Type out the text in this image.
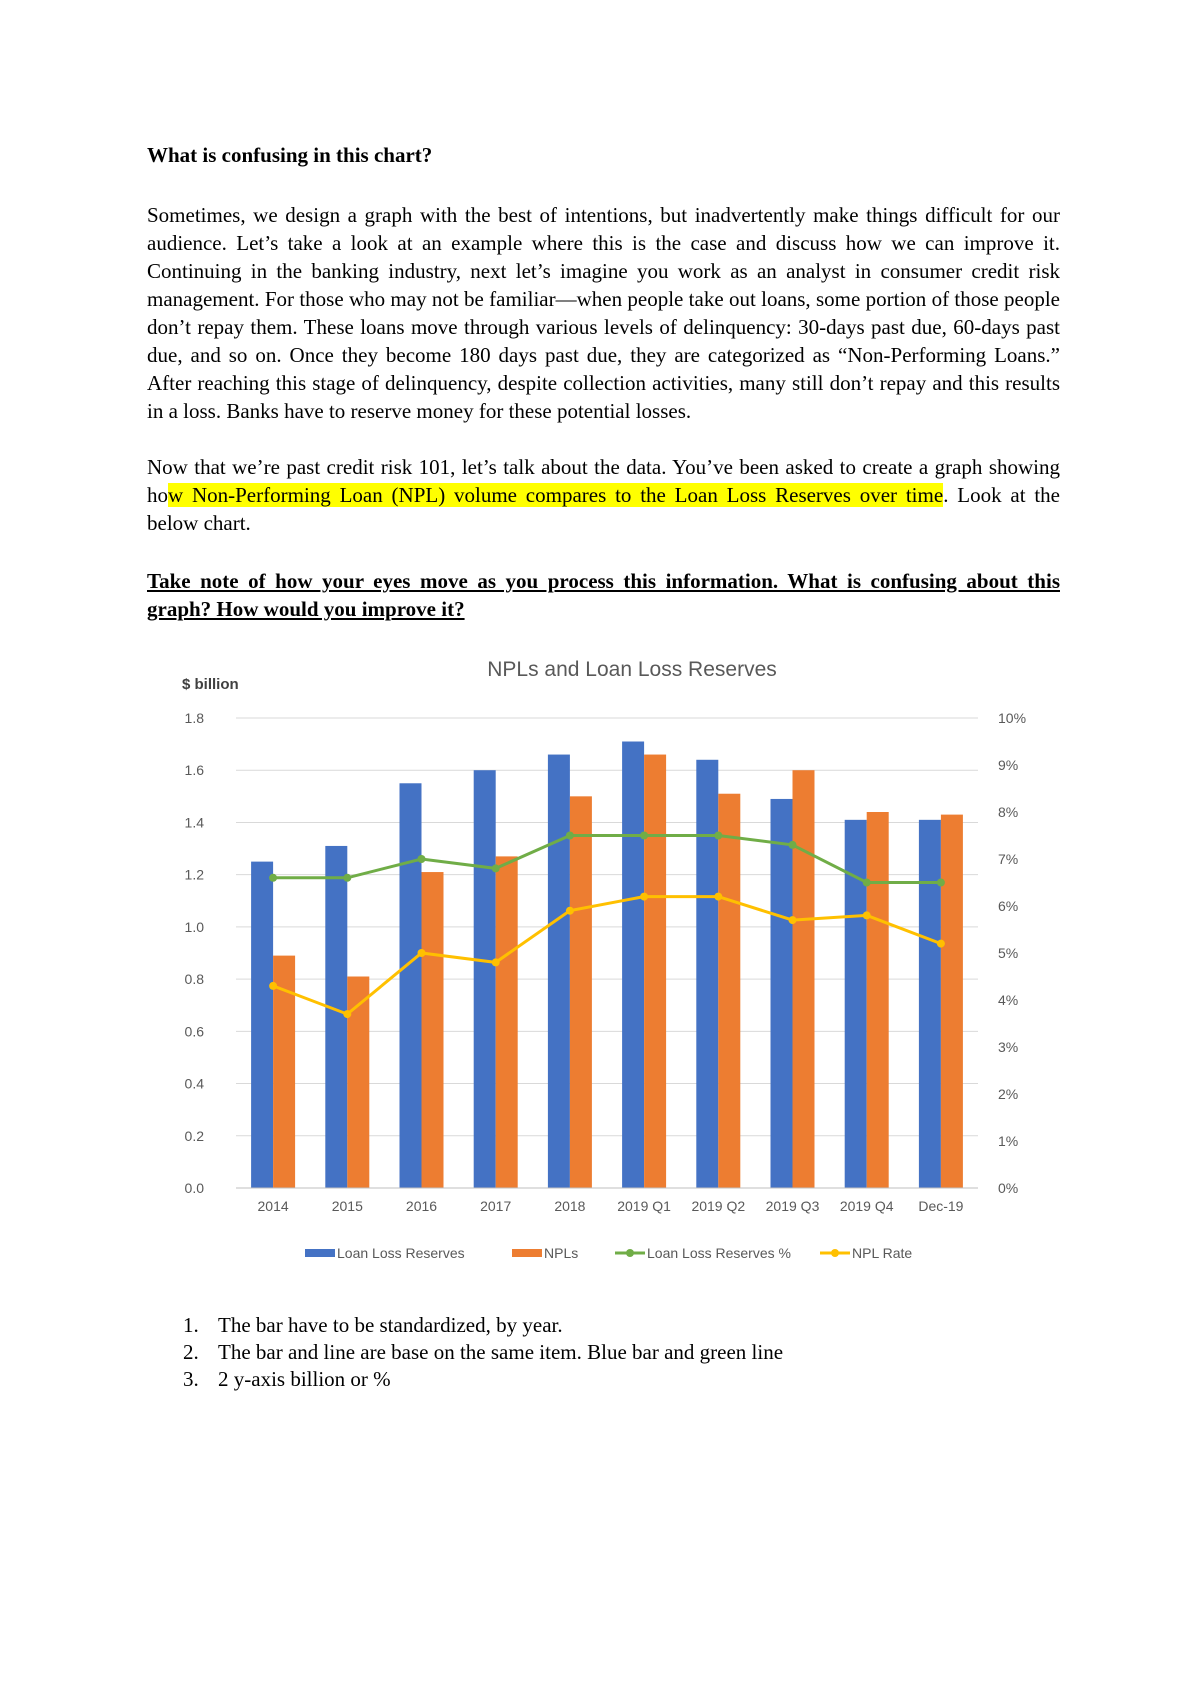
What is confusing in this chart?

Sometimes, we design a graph with the best of intentions, but inadvertently make things difficult for our audience. Let’s take a look at an example where this is the case and discuss how we can improve it. Continuing in the banking industry, next let’s imagine you work as an analyst in consumer credit risk management. For those who may not be familiar—when people take out loans, some portion of those people don’t repay them. These loans move through various levels of delinquency: 30-days past due, 60-days past due, and so on. Once they become 180 days past due, they are categorized as “Non-Performing Loans.” After reaching this stage of delinquency, despite collection activities, many still don’t repay and this results in a loss. Banks have to reserve money for these potential losses.

Now that we’re past credit risk 101, let’s talk about the data. You’ve been asked to create a graph showing how Non-Performing Loan (NPL) volume compares to the Loan Loss Reserves over time. Look at the below chart.

Take note of how your eyes move as you process this information. What is confusing about this graph? How would you improve it?

NPLs and Loan Loss Reserves
$ billion
0.0
0.2
0.4
0.6
0.8
1.0
1.2
1.4
1.6
1.8
0%
1%
2%
3%
4%
5%
6%
7%
8%
9%
10%
2014	2015	2016	2017	2018 2019 Q1 2019 Q2 2019 Q3 2019 Q4 Dec-19
Loan Loss Reserves	NPLs	Loan Loss Reserves %	NPL Rate
1. The bar have to be standardized, by year.
2. The bar and line are base on the same item. Blue bar and green line
3. 2 y-axis billion or %
